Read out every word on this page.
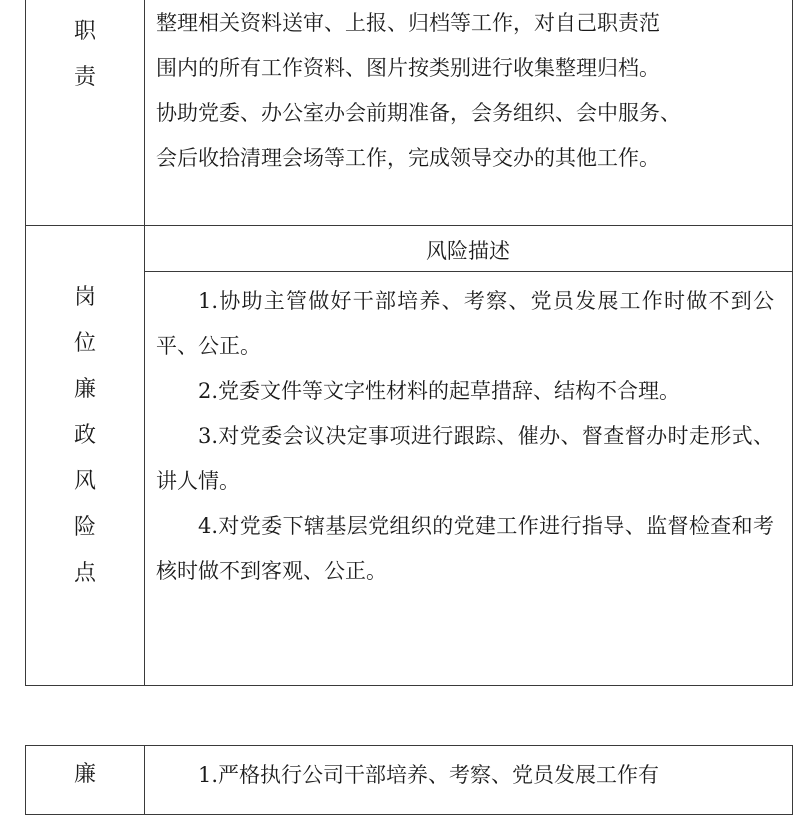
职
责

整理相关资料送审、上报、归档等工作，对自己职责范

围内的所有工作资料、图片按类别进行收集整理归档。

协助党委、办公室办会前期准备，会务组织、会中服务、

会后收拾清理会场等工作，完成领导交办的其他工作。

风险描述
岗
位
廉
政
风
险
点

1.协助主管做好干部培养、考察、党员发展工作时做不到公平、公正。

2.党委文件等文字性材料的起草措辞、结构不合理。

3.对党委会议决定事项进行跟踪、催办、督查督办时走形式、讲人情。

4.对党委下辖基层党组织的党建工作进行指导、监督检查和考核时做不到客观、公正。

廉	1.严格执行公司干部培养、考察、党员发展工作有
